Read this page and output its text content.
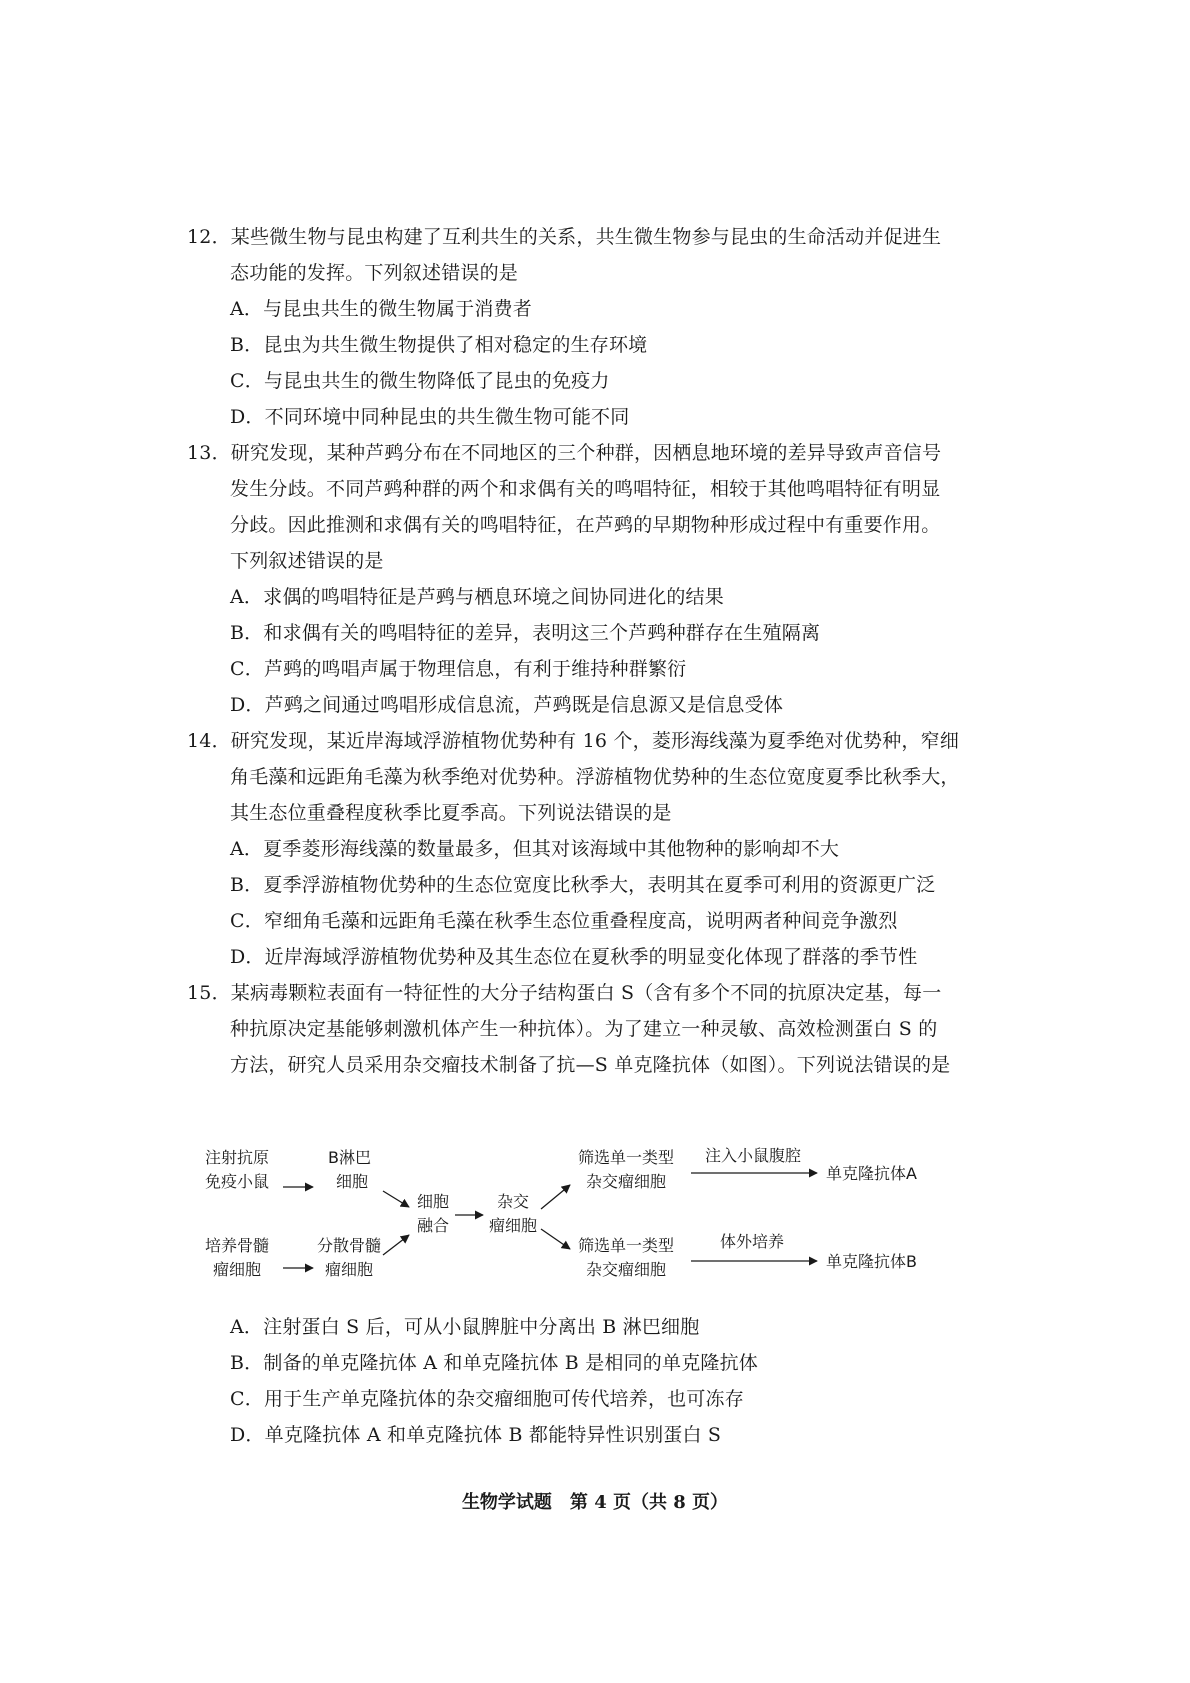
12．某些微生物与昆虫构建了互利共生的关系，共生微生物参与昆虫的生命活动并促进生
态功能的发挥。下列叙述错误的是
A．与昆虫共生的微生物属于消费者
B．昆虫为共生微生物提供了相对稳定的生存环境
C．与昆虫共生的微生物降低了昆虫的免疫力
D．不同环境中同种昆虫的共生微生物可能不同
13．研究发现，某种芦鹀分布在不同地区的三个种群，因栖息地环境的差异导致声音信号
发生分歧。不同芦鹀种群的两个和求偶有关的鸣唱特征，相较于其他鸣唱特征有明显
分歧。因此推测和求偶有关的鸣唱特征，在芦鹀的早期物种形成过程中有重要作用。
下列叙述错误的是
A．求偶的鸣唱特征是芦鹀与栖息环境之间协同进化的结果
B．和求偶有关的鸣唱特征的差异，表明这三个芦鹀种群存在生殖隔离
C．芦鹀的鸣唱声属于物理信息，有利于维持种群繁衍
D．芦鹀之间通过鸣唱形成信息流，芦鹀既是信息源又是信息受体
14．研究发现，某近岸海域浮游植物优势种有 16 个，菱形海线藻为夏季绝对优势种，窄细
角毛藻和远距角毛藻为秋季绝对优势种。浮游植物优势种的生态位宽度夏季比秋季大，
其生态位重叠程度秋季比夏季高。下列说法错误的是
A．夏季菱形海线藻的数量最多，但其对该海域中其他物种的影响却不大
B．夏季浮游植物优势种的生态位宽度比秋季大，表明其在夏季可利用的资源更广泛
C．窄细角毛藻和远距角毛藻在秋季生态位重叠程度高，说明两者种间竞争激烈
D．近岸海域浮游植物优势种及其生态位在夏秋季的明显变化体现了群落的季节性
15．某病毒颗粒表面有一特征性的大分子结构蛋白 S（含有多个不同的抗原决定基，每一
种抗原决定基能够刺激机体产生一种抗体）。为了建立一种灵敏、高效检测蛋白 S 的
方法，研究人员采用杂交瘤技术制备了抗—S 单克隆抗体（如图）。下列说法错误的是
注射抗原
免疫小鼠
B淋巴
细胞
培养骨髓
瘤细胞
分散骨髓
瘤细胞
细胞
融合
杂交
瘤细胞
筛选单一类型
杂交瘤细胞
筛选单一类型
杂交瘤细胞
注入小鼠腹腔
体外培养
单克隆抗体A
单克隆抗体B
A．注射蛋白 S 后，可从小鼠脾脏中分离出 B 淋巴细胞
B．制备的单克隆抗体 A 和单克隆抗体 B 是相同的单克隆抗体
C．用于生产单克隆抗体的杂交瘤细胞可传代培养，也可冻存
D．单克隆抗体 A 和单克隆抗体 B 都能特异性识别蛋白 S
生物学试题　第 4 页（共 8 页）
